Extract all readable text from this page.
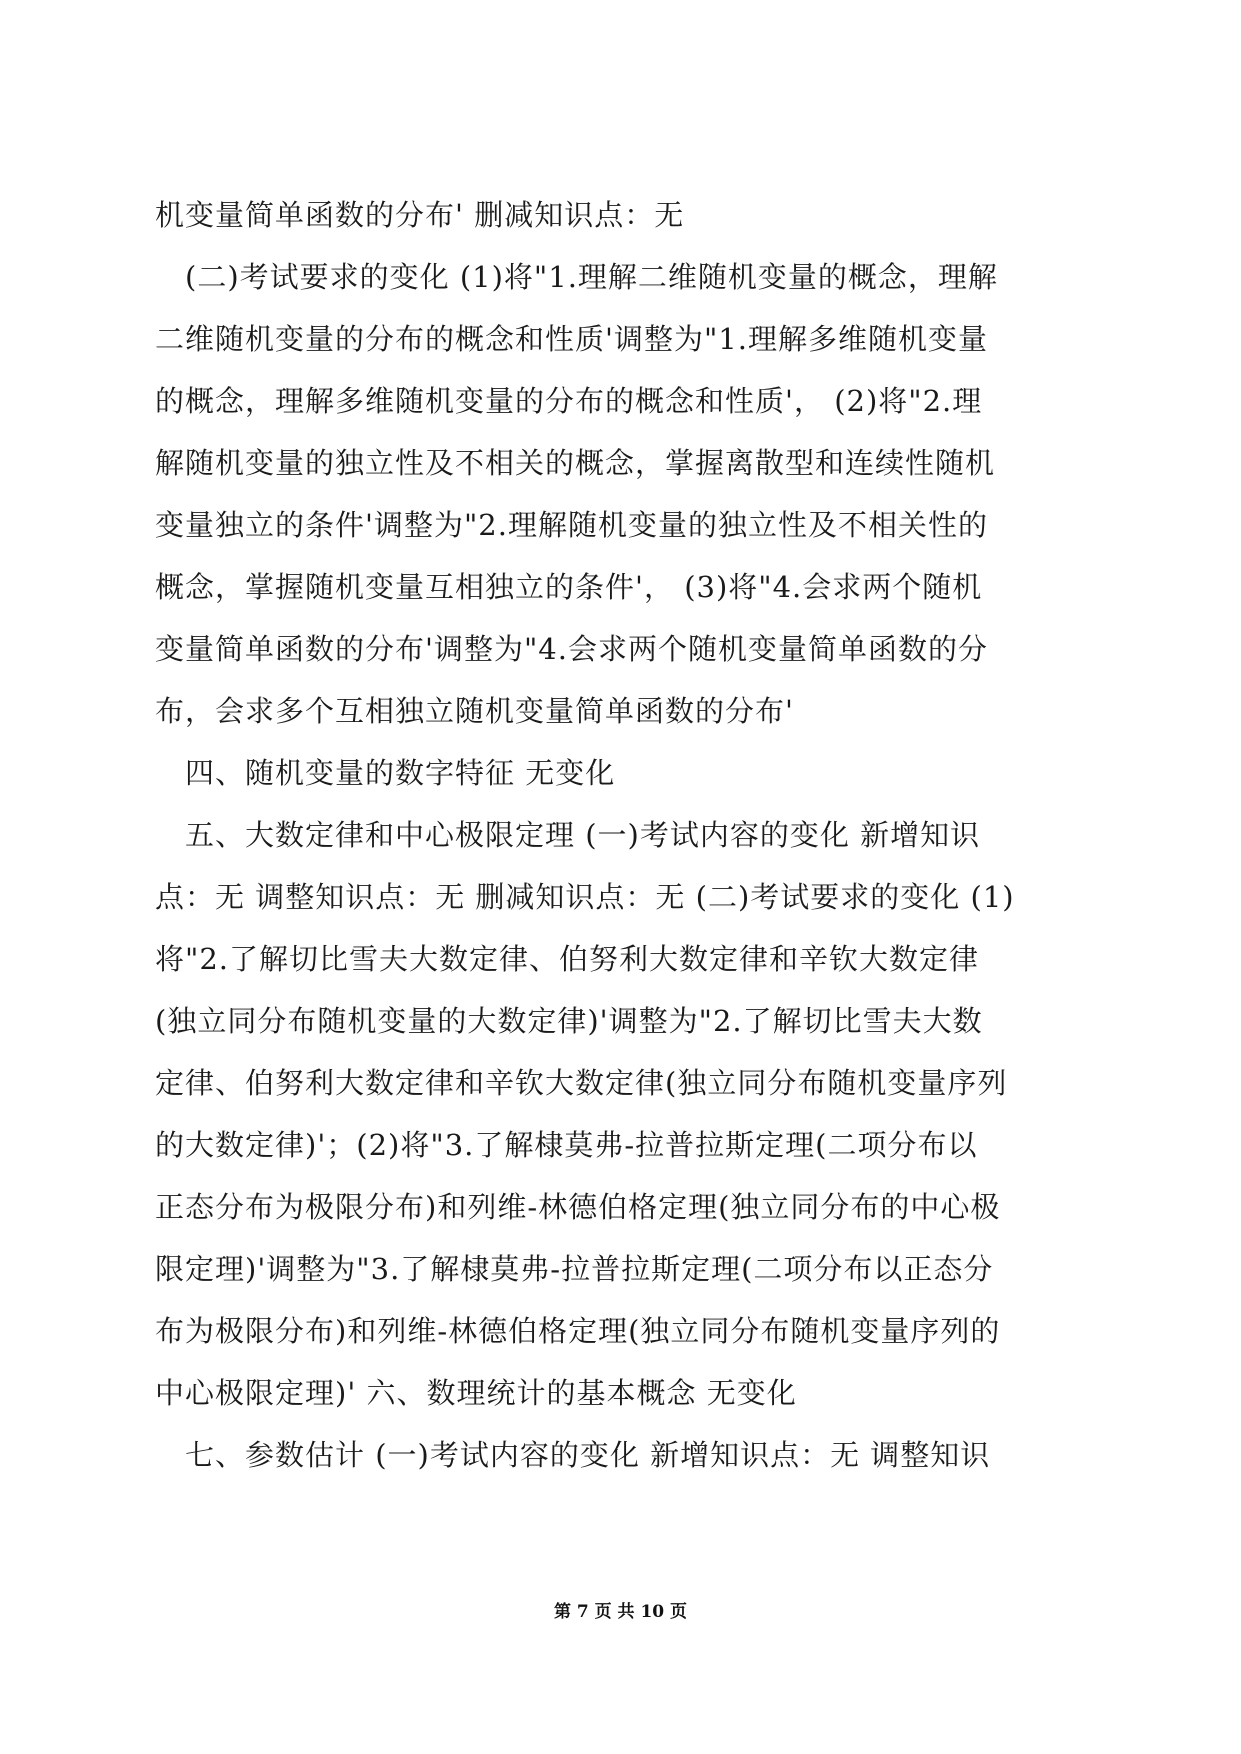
机变量简单函数的分布' 删减知识点：无
(二)考试要求的变化 (1)将"1.理解二维随机变量的概念，理解
二维随机变量的分布的概念和性质'调整为"1.理解多维随机变量
的概念，理解多维随机变量的分布的概念和性质'， (2)将"2.理
解随机变量的独立性及不相关的概念，掌握离散型和连续性随机
变量独立的条件'调整为"2.理解随机变量的独立性及不相关性的
概念，掌握随机变量互相独立的条件'， (3)将"4.会求两个随机
变量简单函数的分布'调整为"4.会求两个随机变量简单函数的分
布，会求多个互相独立随机变量简单函数的分布'
四、随机变量的数字特征 无变化
五、大数定律和中心极限定理 (一)考试内容的变化 新增知识
点：无 调整知识点：无 删减知识点：无 (二)考试要求的变化 (1)
将"2.了解切比雪夫大数定律、伯努利大数定律和辛钦大数定律
(独立同分布随机变量的大数定律)'调整为"2.了解切比雪夫大数
定律、伯努利大数定律和辛钦大数定律(独立同分布随机变量序列
的大数定律)'；(2)将"3.了解棣莫弗-拉普拉斯定理(二项分布以
正态分布为极限分布)和列维-林德伯格定理(独立同分布的中心极
限定理)'调整为"3.了解棣莫弗-拉普拉斯定理(二项分布以正态分
布为极限分布)和列维-林德伯格定理(独立同分布随机变量序列的
中心极限定理)' 六、数理统计的基本概念 无变化
七、参数估计 (一)考试内容的变化 新增知识点：无 调整知识
第 7 页 共 10 页
